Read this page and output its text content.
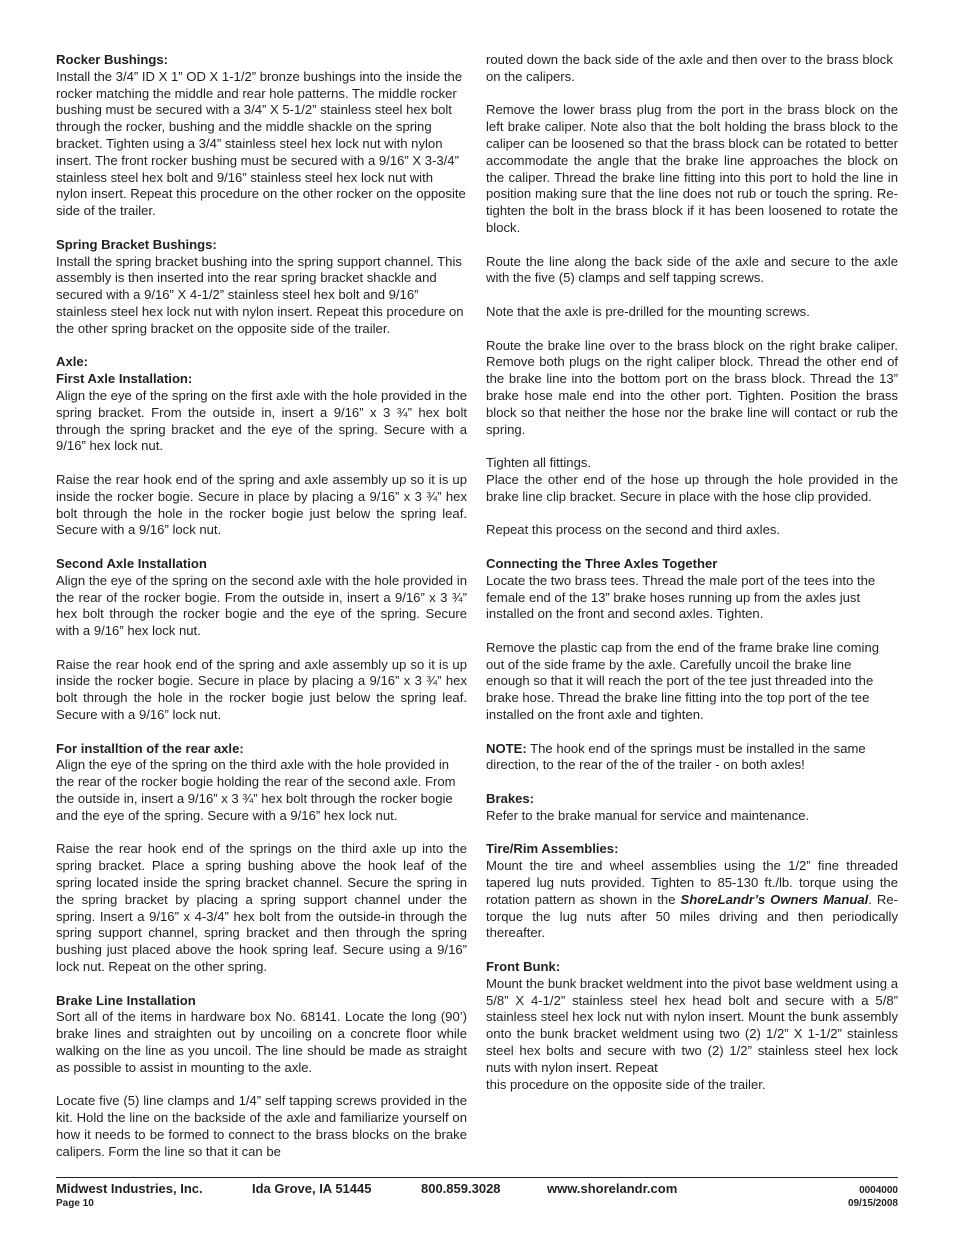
Rocker Bushings:
Install the 3/4” ID X 1” OD X 1-1/2” bronze bushings into the inside the rocker matching the middle and rear hole patterns. The middle rocker bushing must be secured with a 3/4” X 5-1/2” stainless steel hex bolt through the rocker, bushing and the middle shackle on the spring bracket. Tighten using a 3/4” stainless steel hex lock nut with nylon insert. The front rocker bushing must be secured with a 9/16” X 3-3/4” stainless steel hex bolt and 9/16” stainless steel hex lock nut with nylon insert. Repeat this procedure on the other rocker on the opposite side of the trailer.
Spring Bracket Bushings:
Install the spring bracket bushing into the spring support channel. This assembly is then inserted into the rear spring bracket shackle and secured with a 9/16” X 4-1/2” stainless steel hex bolt and 9/16” stainless steel hex lock nut with nylon insert. Repeat this procedure on the other spring bracket on the opposite side of the trailer.
Axle:
First Axle Installation:
Align the eye of the spring on the first axle with the hole provided in the spring bracket. From the outside in, insert a 9/16” x 3 ¾” hex bolt through the spring bracket and the eye of the spring. Secure with a 9/16” hex lock nut.
Raise the rear hook end of the spring and axle assembly up so it is up inside the rocker bogie. Secure in place by placing a 9/16” x 3 ¾” hex bolt through the hole in the rocker bogie just below the spring leaf. Secure with a 9/16” lock nut.
Second Axle Installation
Align the eye of the spring on the second axle with the hole provided in the rear of the rocker bogie. From the outside in, insert a 9/16” x 3 ¾” hex bolt through the rocker bogie and the eye of the spring. Secure with a 9/16” hex lock nut.
Raise the rear hook end of the spring and axle assembly up so it is up inside the rocker bogie. Secure in place by placing a 9/16” x 3 ¾” hex bolt through the hole in the rocker bogie just below the spring leaf. Secure with a 9/16” lock nut.
For installtion of the rear axle:
Align the eye of the spring on the third axle with the hole provided in the rear of the rocker bogie holding the rear of the second axle. From the outside in, insert a 9/16” x 3 ¾” hex bolt through the rocker bogie and the eye of the spring. Secure with a 9/16” hex lock nut.
Raise the rear hook end of the springs on the third axle up into the spring bracket. Place a spring bushing above the hook leaf of the spring located inside the spring bracket channel. Secure the spring in the spring bracket by placing a spring support channel under the spring. Insert a 9/16” x 4-3/4” hex bolt from the outside-in through the spring support channel, spring bracket and then through the spring bushing just placed above the hook spring leaf. Secure using a 9/16” lock nut. Repeat on the other spring.
Brake Line Installation
Sort all of the items in hardware box No. 68141. Locate the long (90’) brake lines and straighten out by uncoiling on a concrete floor while walking on the line as you uncoil. The line should be made as straight as possible to assist in mounting to the axle.
Locate five (5) line clamps and 1/4” self tapping screws provided in the kit. Hold the line on the backside of the axle and familiarize yourself on how it needs to be formed to connect to the brass blocks on the brake calipers. Form the line so that it can be
routed down the back side of the axle and then over to the brass block on the calipers.
Remove the lower brass plug from the port in the brass block on the left brake caliper. Note also that the bolt holding the brass block to the caliper can be loosened so that the brass block can be rotated to better accommodate the angle that the brake line approaches the block on the caliper. Thread the brake line fitting into this port to hold the line in position making sure that the line does not rub or touch the spring. Re-tighten the bolt in the brass block if it has been loosened to rotate the block.
Route the line along the back side of the axle and secure to the axle with the five (5) clamps and self tapping screws.
Note that the axle is pre-drilled for the mounting screws.
Route the brake line over to the brass block on the right brake caliper. Remove both plugs on the right caliper block. Thread the other end of the brake line into the bottom port on the brass block. Thread the 13” brake hose male end into the other port. Tighten. Position the brass block so that neither the hose nor the brake line will contact or rub the spring.
Tighten all fittings.
Place the other end of the hose up through the hole provided in the brake line clip bracket. Secure in place with the hose clip provided.
Repeat this process on the second and third axles.
Connecting the Three Axles Together
Locate the two brass tees. Thread the male port of the tees into the female end of the 13” brake hoses running up from the axles just installed on the front and second axles. Tighten.
Remove the plastic cap from the end of the frame brake line coming out of the side frame by the axle. Carefully uncoil the brake line enough so that it will reach the port of the tee just threaded into the brake hose. Thread the brake line fitting into the top port of the tee installed on the front axle and tighten.
NOTE: The hook end of the springs must be installed in the same direction, to the rear of the of the trailer - on both axles!
Brakes:
Refer to the brake manual for service and maintenance.
Tire/Rim Assemblies:
Mount the tire and wheel assemblies using the 1/2” fine threaded tapered lug nuts provided. Tighten to 85-130 ft./lb. torque using the rotation pattern as shown in the ShoreLandr’s Owners Manual. Re-torque the lug nuts after 50 miles driving and then periodically thereafter.
Front Bunk:
Mount the bunk bracket weldment into the pivot base weldment using a 5/8” X 4-1/2” stainless steel hex head bolt and secure with a 5/8” stainless steel hex lock nut with nylon insert. Mount the bunk assembly onto the bunk bracket weldment using two (2) 1/2” X 1-1/2” stainless steel hex bolts and secure with two (2) 1/2” stainless steel hex lock nuts with nylon insert. Repeat
this procedure on the opposite side of the trailer.
Midwest Industries, Inc.	Ida Grove, IA 51445	800.859.3028	www.shorelandr.com
Page 10
0004000
09/15/2008
